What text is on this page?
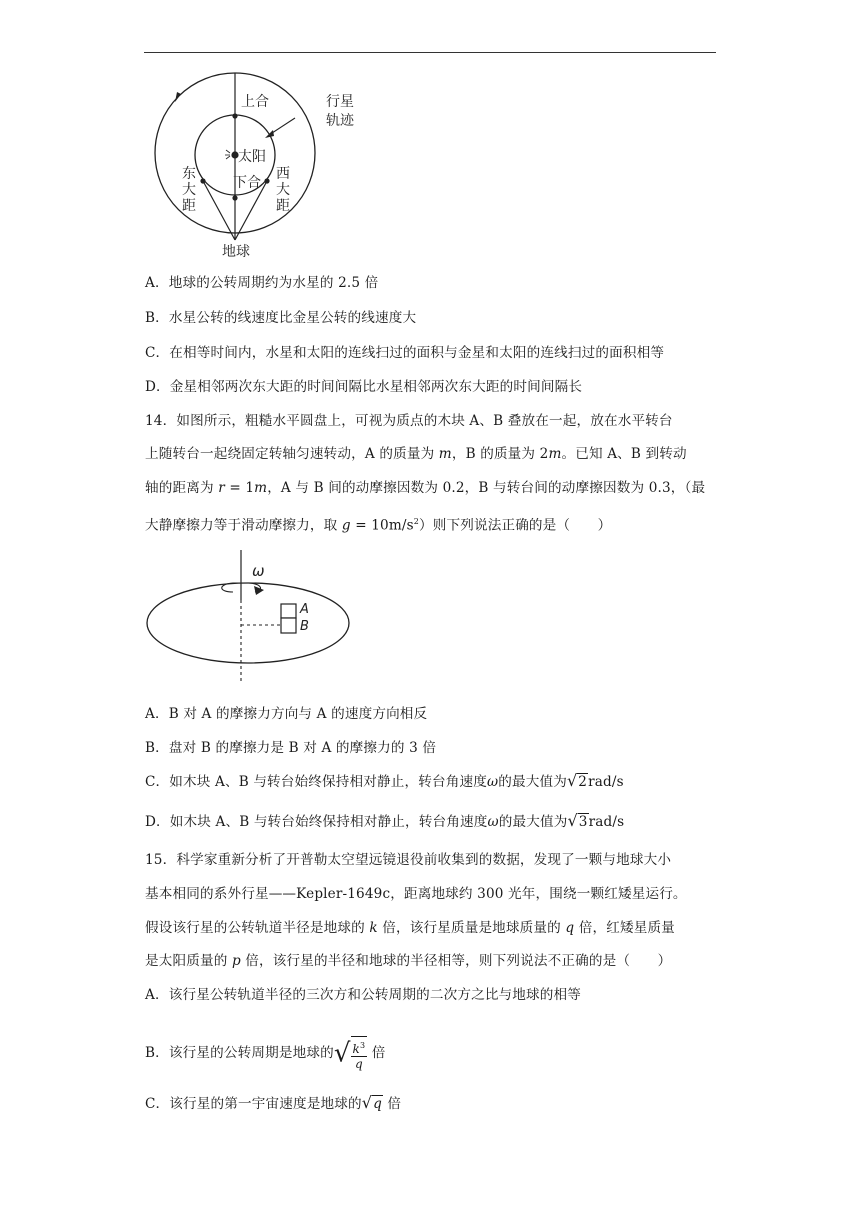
上合	行星
轨迹
太阳
下合
东
大
距
西
大
距
地球
A．地球的公转周期约为水星的 2.5 倍
B．水星公转的线速度比金星公转的线速度大
C．在相等时间内，水星和太阳的连线扫过的面积与金星和太阳的连线扫过的面积相等
D．金星相邻两次东大距的时间间隔比水星相邻两次东大距的时间间隔长
14．如图所示，粗糙水平圆盘上，可视为质点的木块 A、B 叠放在一起，放在水平转台
上随转台一起绕固定转轴匀速转动，A 的质量为 m，B 的质量为 2m。已知 A、B 到转动
轴的距离为 r = 1m，A 与 B 间的动摩擦因数为 0.2，B 与转台间的动摩擦因数为 0.3，（最
大静摩擦力等于滑动摩擦力，取 $g = 10m/s^2$）则下列说法正确的是（　　）
ω
A
B
A．B 对 A 的摩擦力方向与 A 的速度方向相反
B．盘对 B 的摩擦力是 B 对 A 的摩擦力的 3 倍
C．如木块 A、B 与转台始终保持相对静止，转台角速度ω的最大值为√2rad/s
D．如木块 A、B 与转台始终保持相对静止，转台角速度ω的最大值为√3rad/s
15．科学家重新分析了开普勒太空望远镜退役前收集到的数据，发现了一颗与地球大小
基本相同的系外行星——Kepler-1649c，距离地球约 300 光年，围绕一颗红矮星运行。
假设该行星的公转轨道半径是地球的 k 倍，该行星质量是地球质量的 q 倍，红矮星质量
是太阳质量的 p 倍，该行星的半径和地球的半径相等，则下列说法不正确的是（　　）
A．该行星公转轨道半径的三次方和公转周期的二次方之比与地球的相等
B．该行星的公转周期是地球的√ $\frac{k^3}{q}$ 倍
C．该行星的第一宇宙速度是地球的√q 倍
